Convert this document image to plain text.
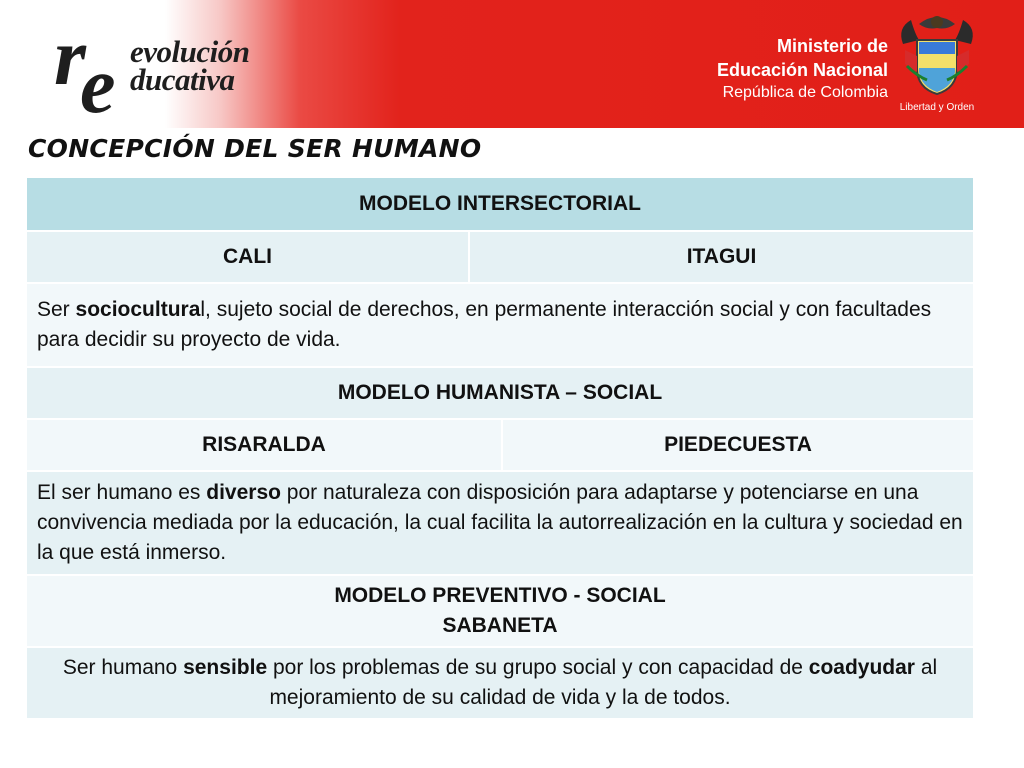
r
e evolución
ducativa
Ministerio de
Educación Nacional
República de Colombia
Libertad y Orden
CONCEPCIÓN DEL SER HUMANO
MODELO INTERSECTORIAL

CALI	ITAGUI

Ser sociocultural, sujeto social de derechos, en permanente interacción social y con facultades para decidir su proyecto de vida.
MODELO HUMANISTA – SOCIAL

RISARALDA	PIEDECUESTA

El ser humano es diverso por naturaleza con disposición para adaptarse y potenciarse en una convivencia mediada por la educación, la cual facilita la autorrealización en la cultura y sociedad en la que está inmerso.

MODELO PREVENTIVO - SOCIAL
SABANETA

Ser humano sensible por los problemas de su grupo social y con capacidad de coadyudar al mejoramiento de su calidad de vida y la de todos.
